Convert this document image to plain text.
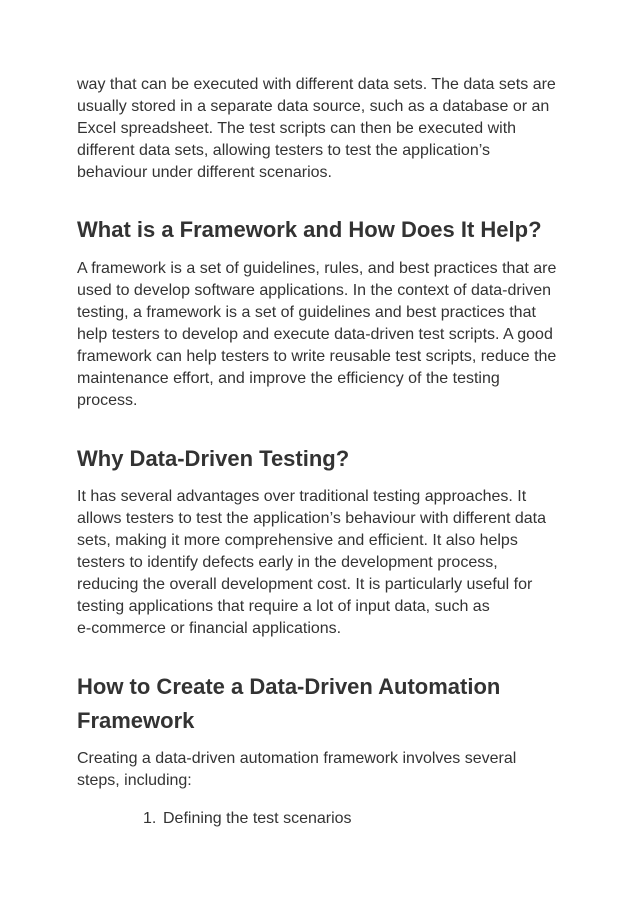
way that can be executed with different data sets. The data sets are
usually stored in a separate data source, such as a database or an
Excel spreadsheet. The test scripts can then be executed with
different data sets, allowing testers to test the application’s
behaviour under different scenarios.

What is a Framework and How Does It Help?

A framework is a set of guidelines, rules, and best practices that are
used to develop software applications. In the context of data-driven
testing, a framework is a set of guidelines and best practices that
help testers to develop and execute data-driven test scripts. A good
framework can help testers to write reusable test scripts, reduce the
maintenance effort, and improve the efficiency of the testing
process.

Why Data-Driven Testing?

It has several advantages over traditional testing approaches. It
allows testers to test the application’s behaviour with different data
sets, making it more comprehensive and efficient. It also helps
testers to identify defects early in the development process,
reducing the overall development cost. It is particularly useful for
testing applications that require a lot of input data, such as
e-commerce or financial applications.

How to Create a Data-Driven Automation
Framework

Creating a data-driven automation framework involves several
steps, including:

1. Defining the test scenarios
